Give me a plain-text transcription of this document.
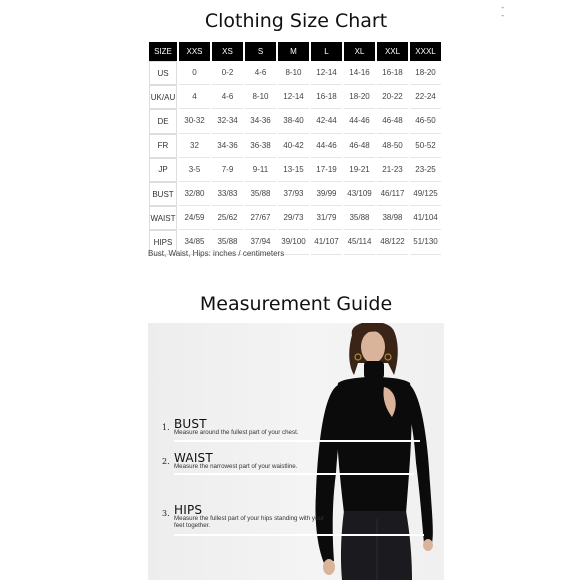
-
-
Clothing Size Chart
SIZE	XXS	XS	S	M	L	XL	XXL	XXXL
US	0	0-2	4-6	8-10	12-14	14-16	16-18	18-20
UK/AU	4	4-6	8-10	12-14	16-18	18-20	20-22	22-24
DE	30-32	32-34	34-36	38-40	42-44	44-46	46-48	46-50
FR	32	34-36	36-38	40-42	44-46	46-48	48-50	50-52
JP	3-5	7-9	9-11	13-15	17-19	19-21	21-23	23-25
BUST	32/80	33/83	35/88	37/93	39/99	43/109	46/117	49/125
WAIST	24/59	25/62	27/67	29/73	31/79	35/88	38/98	41/104
HIPS	34/85	35/88	37/94	39/100	41/107	45/114	48/122	51/130
Bust, Waist, Hips: inches / centimeters
Measurement Guide
1. BUST
Measure around the fullest part of your chest.
2. WAIST
Measure the narrowest part of your waistline.
3. HIPS
Measure the fullest part of your hips standing with your feet together.
